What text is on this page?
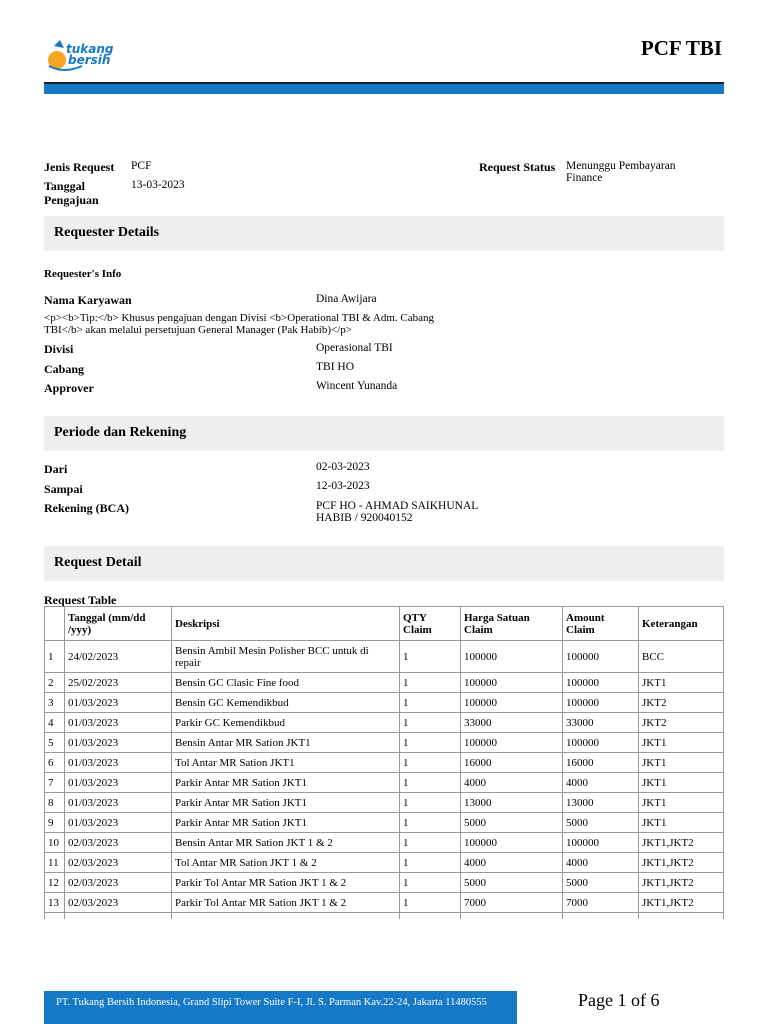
tukang
bersih	PCF TBI
Jenis Request PCF
Tanggal Pengajuan
13-03-2023
Request Status Menunggu Pembayaran Finance
Requester Details
Requester's Info
Nama Karyawan	Dina Awijara
<p><b>Tip:</b> Khusus pengajuan dengan Divisi <b>Operational TBI & Adm. Cabang TBI</b> akan melalui persetujuan General Manager (Pak Habib)</p>
Divisi	Operasional TBI
Cabang	TBI HO
Approver	Wincent Yunanda
Periode dan Rekening
Dari	02-03-2023
Sampai	12-03-2023
Rekening (BCA)	PCF HO - AHMAD SAIKHUNAL HABIB / 920040152
Request Detail
Request Table
	Tanggal (mm/dd /yyy)	Deskripsi	QTY Claim	Harga Satuan Claim	Amount Claim	Keterangan
1	24/02/2023	Bensin Ambil Mesin Polisher BCC untuk di repair	1	100000	100000	BCC
2	25/02/2023	Bensin GC Clasic Fine food	1	100000	100000	JKT1
3	01/03/2023	Bensin GC Kemendikbud	1	100000	100000	JKT2
4	01/03/2023	Parkir GC Kemendikbud	1	33000	33000	JKT2
5	01/03/2023	Bensin Antar MR Sation JKT1	1	100000	100000	JKT1
6	01/03/2023	Tol Antar MR Sation JKT1	1	16000	16000	JKT1
7	01/03/2023	Parkir Antar MR Sation JKT1	1	4000	4000	JKT1
8	01/03/2023	Parkir Antar MR Sation JKT1	1	13000	13000	JKT1
9	01/03/2023	Parkir Antar MR Sation JKT1	1	5000	5000	JKT1
10	02/03/2023	Bensin Antar MR Sation JKT 1 & 2	1	100000	100000	JKT1,JKT2
11	02/03/2023	Tol Antar MR Sation JKT 1 & 2	1	4000	4000	JKT1,JKT2
12	02/03/2023	Parkir Tol Antar MR Sation JKT 1 & 2	1	5000	5000	JKT1,JKT2
13	02/03/2023	Parkir Tol Antar MR Sation JKT 1 & 2	1	7000	7000	JKT1,JKT2

PT. Tukang Bersih Indonesia, Grand Slipi Tower Suite F-I, Jl. S. Parman Kav.22-24, Jakarta 11480555	Page 1 of 6
